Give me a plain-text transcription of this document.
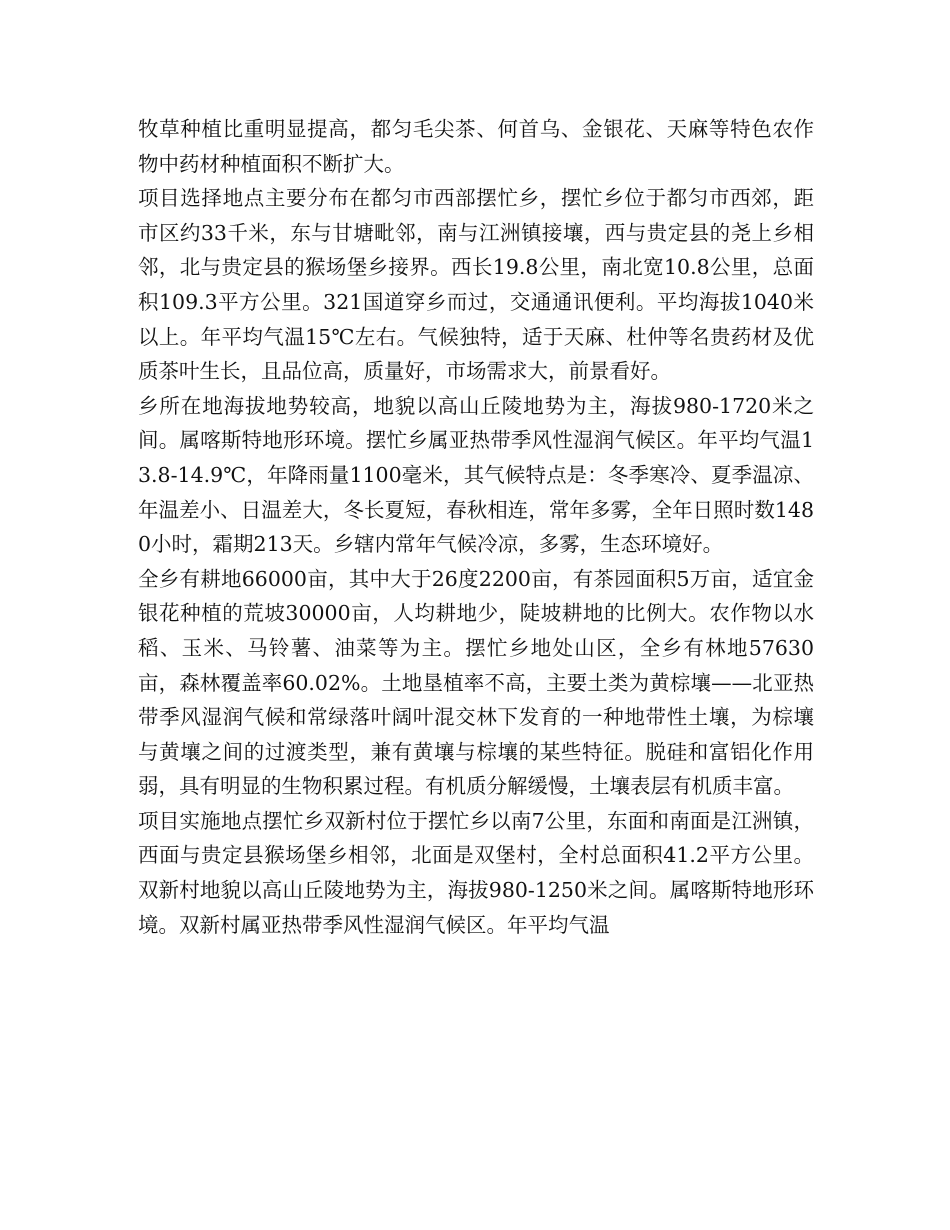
牧草种植比重明显提高，都匀毛尖茶、何首乌、金银花、天麻等特色农作物中药材种植面积不断扩大。

项目选择地点主要分布在都匀市西部摆忙乡，摆忙乡位于都匀市西郊，距市区约33千米，东与甘塘毗邻，南与江洲镇接壤，西与贵定县的尧上乡相邻，北与贵定县的猴场堡乡接界。西长19.8公里，南北宽10.8公里，总面积109.3平方公里。321国道穿乡而过，交通通讯便利。平均海拔1040米以上。年平均气温15℃左右。气候独特，适于天麻、杜仲等名贵药材及优质茶叶生长，且品位高，质量好，市场需求大，前景看好。

乡所在地海拔地势较高，地貌以高山丘陵地势为主，海拔980-1720米之间。属喀斯特地形环境。摆忙乡属亚热带季风性湿润气候区。年平均气温13.8-14.9℃，年降雨量1100毫米，其气候特点是：冬季寒冷、夏季温凉、年温差小、日温差大，冬长夏短，春秋相连，常年多雾，全年日照时数1480小时，霜期213天。乡辖内常年气候冷凉，多雾，生态环境好。

全乡有耕地66000亩，其中大于26度2200亩，有茶园面积5万亩，适宜金银花种植的荒坡30000亩，人均耕地少，陡坡耕地的比例大。农作物以水稻、玉米、马铃薯、油菜等为主。摆忙乡地处山区，全乡有林地57630亩，森林覆盖率60.02%。土地垦植率不高，主要土类为黄棕壤——北亚热带季风湿润气候和常绿落叶阔叶混交林下发育的一种地带性土壤，为棕壤与黄壤之间的过渡类型，兼有黄壤与棕壤的某些特征。脱硅和富铝化作用弱，具有明显的生物积累过程。有机质分解缓慢，土壤表层有机质丰富。

项目实施地点摆忙乡双新村位于摆忙乡以南7公里，东面和南面是江洲镇，西面与贵定县猴场堡乡相邻，北面是双堡村，全村总面积41.2平方公里。双新村地貌以高山丘陵地势为主，海拔980-1250米之间。属喀斯特地形环境。双新村属亚热带季风性湿润气候区。年平均气温
